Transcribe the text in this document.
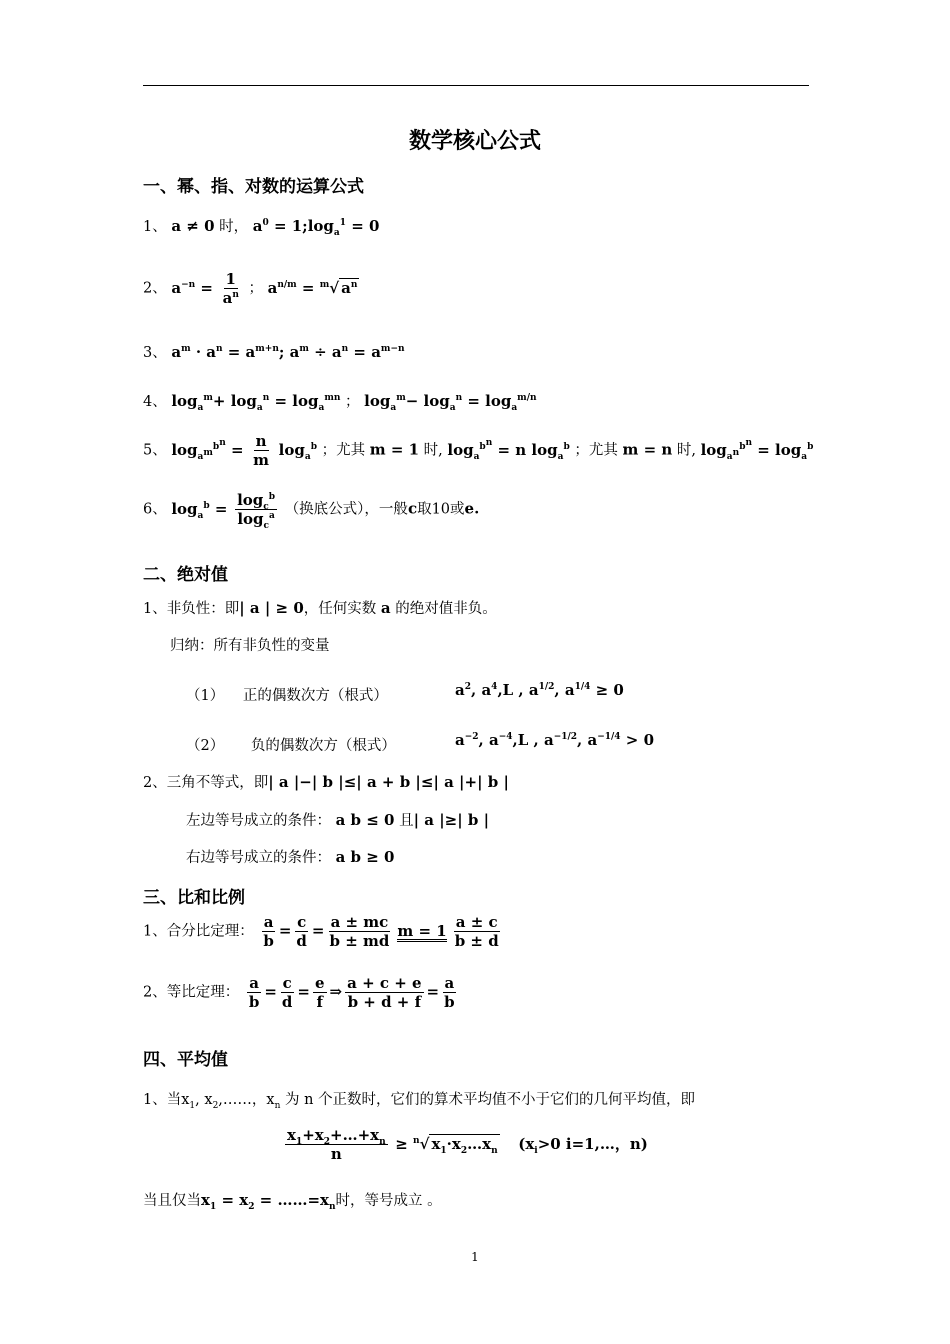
数学核心公式
一、幂、指、对数的运算公式
1、 a ≠ 0 时， $a^0$ = $1;\log_a^1 = 0$
2、 $a^{-n} = \frac{1}{a^n}$ ； $a^{n/m} = ^m√$ $a^n$
3、 $a^m \cdot a^n = a^{m+n}$; $a^m \div a^n = a^{m-n}$
4、 $\log_a^m+ \log_a^n = \log_a^{mn}$ ； $\log_a^m- \log_a^n = \log_a^{m/n}$
5、 $\log_{a^m}^{b^n} = \frac{n}{m} \log_a^b$ ；尤其 m = 1 时, $\log_a^{b^n} = n$ $\log_a^b$ ；尤其 m = n 时, $\log_{a^n}^{b^n} = \log_a^b$
6、 $\log_a^b = \frac{\log_c^b}{\log_c^a}$ （换底公式），一般c取10或e.
二、绝对值
1、非负性：即| a | ≥ 0，任何实数 a 的绝对值非负。
归纳：所有非负性的变量
（1） 正的偶数次方（根式）	$a^2$, $a^4,L$ , $a^{1/2}$, $a^{1/4} \ge 0$
（2） 负的偶数次方（根式）	$a^{-2}$, $a^{-4},L$ , $a^{-1/2}$, $a^{-1/4} > 0$
2、三角不等式，即| a |−| b |≤| a + b |≤| a |+| b |
左边等号成立的条件： a b ≤ 0 且| a |≥| b |
右边等号成立的条件： a b ≥ 0
三、比和比例
1、合分比定理： $\frac{a}{b} = \frac{c}{d} = \frac{a \pm mc}{b \pm md}$ $m = 1 \frac{a \pm c}{b \pm d}$
2、等比定理： $\frac{a}{b} = \frac{c}{d} = \frac{e}{f}$ ⇒ $\frac{a + c + e}{b + d + f} = \frac{a}{b}$
四、平均值
1、当$x_1$, $x_2,\dots\dots$，$x_n$ 为 n 个正数时，它们的算术平均值不小于它们的几何平均值，即
$\frac{x_1+x_2+\dots+x_n}{n} \ge ^n√$ $x_1\cdot x_2\dots x_n$ ($x_i>0$ i=1,…，n)
当且仅当$x_1 = x_2$ = $\dots\dots=x_n$时，等号成立 。
1
